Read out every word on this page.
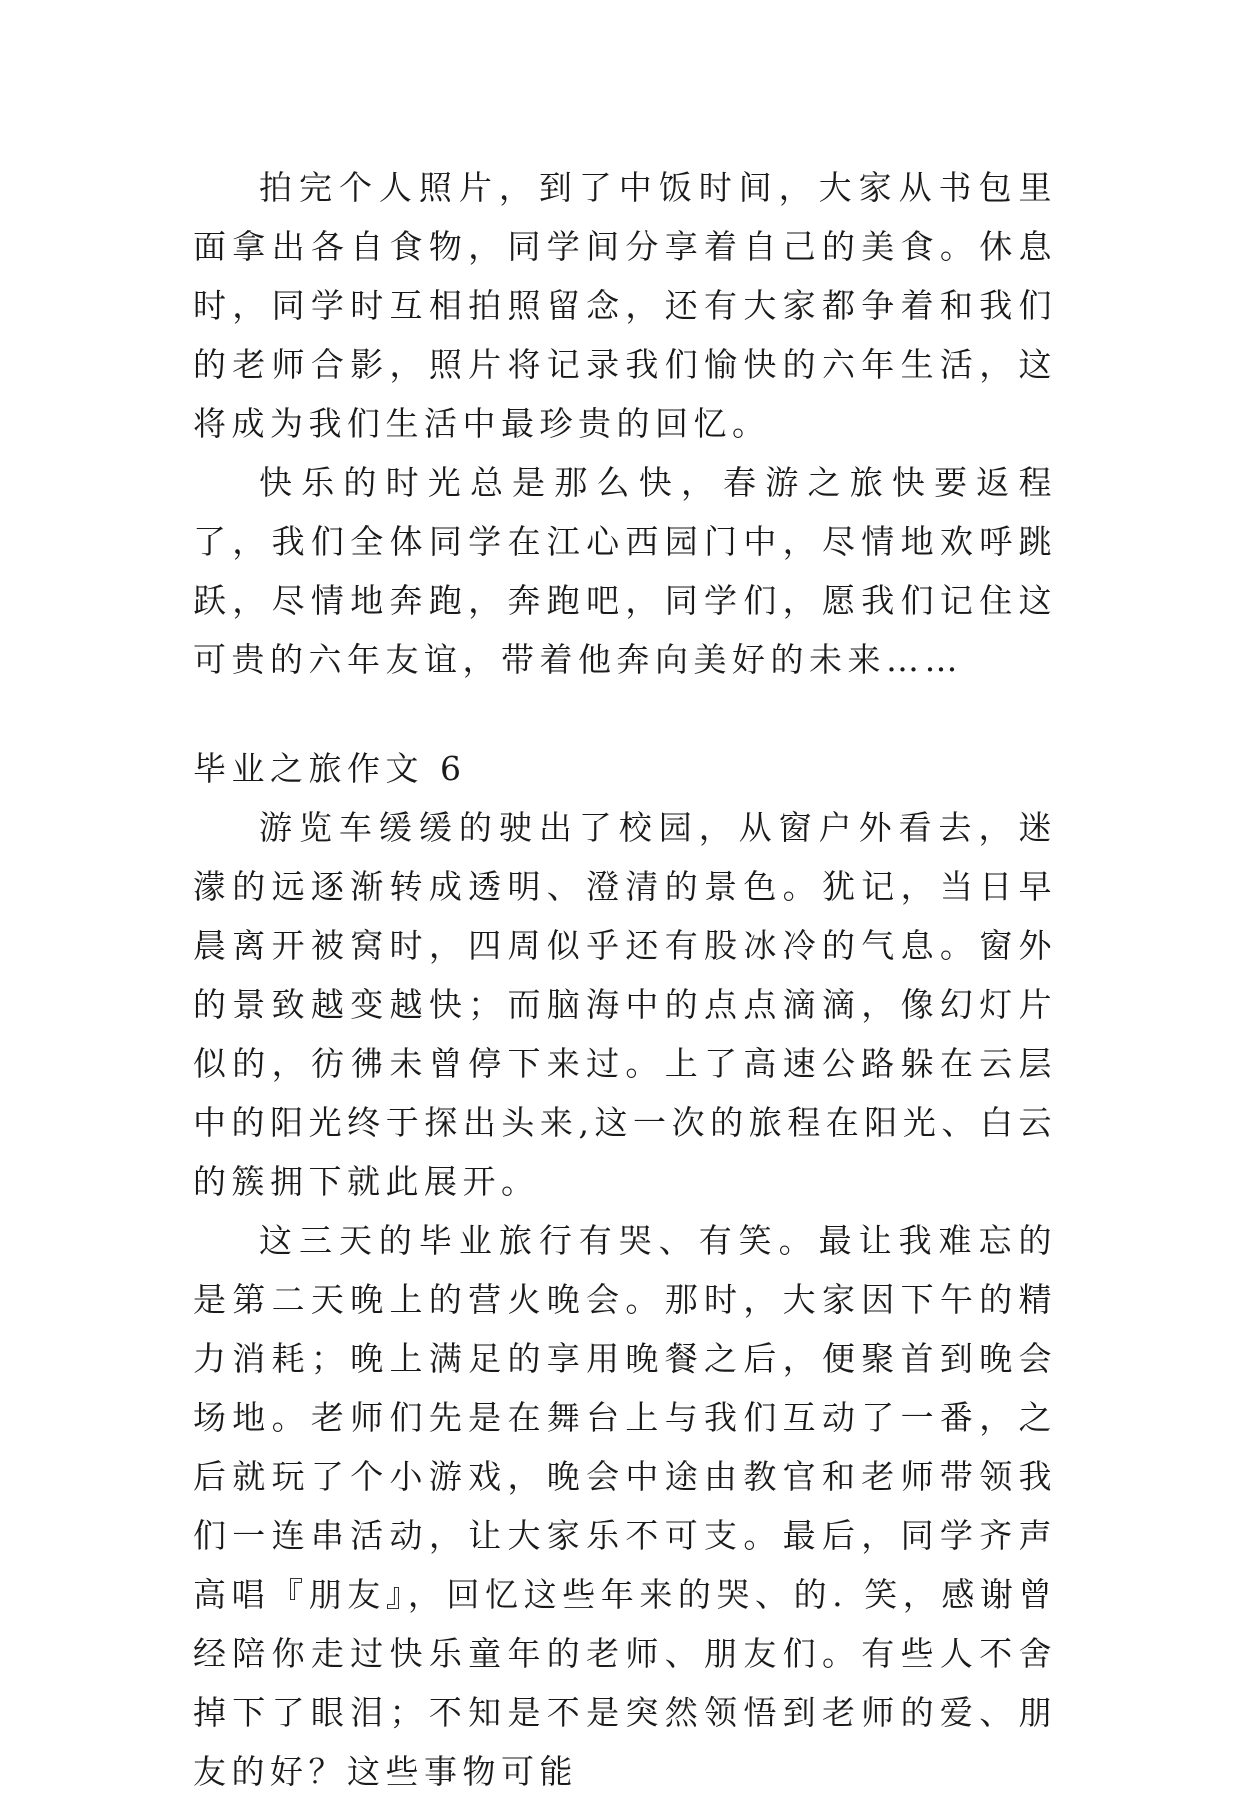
拍完个人照片，到了中饭时间，大家从书包里面拿出各自食物，同学间分享着自己的美食。休息时，同学时互相拍照留念，还有大家都争着和我们的老师合影，照片将记录我们愉快的六年生活，这将成为我们生活中最珍贵的回忆。

快乐的时光总是那么快，春游之旅快要返程了，我们全体同学在江心西园门中，尽情地欢呼跳跃，尽情地奔跑，奔跑吧，同学们，愿我们记住这可贵的六年友谊，带着他奔向美好的未来……

毕业之旅作文 6

游览车缓缓的驶出了校园，从窗户外看去，迷濛的远逐渐转成透明、澄清的景色。犹记，当日早晨离开被窝时，四周似乎还有股冰冷的气息。窗外的景致越变越快；而脑海中的点点滴滴，像幻灯片似的，彷彿未曾停下来过。上了高速公路躲在云层中的阳光终于探出头来,这一次的旅程在阳光、白云的簇拥下就此展开。

这三天的毕业旅行有哭、有笑。最让我难忘的是第二天晚上的营火晚会。那时，大家因下午的精力消耗；晚上满足的享用晚餐之后，便聚首到晚会场地。老师们先是在舞台上与我们互动了一番，之后就玩了个小游戏，晚会中途由教官和老师带领我们一连串活动，让大家乐不可支。最后，同学齐声高唱『朋友』，回忆这些年来的哭、的. 笑，感谢曾经陪你走过快乐童年的老师、朋友们。有些人不舍掉下了眼泪；不知是不是突然领悟到老师的爱、朋友的好？这些事物可能
